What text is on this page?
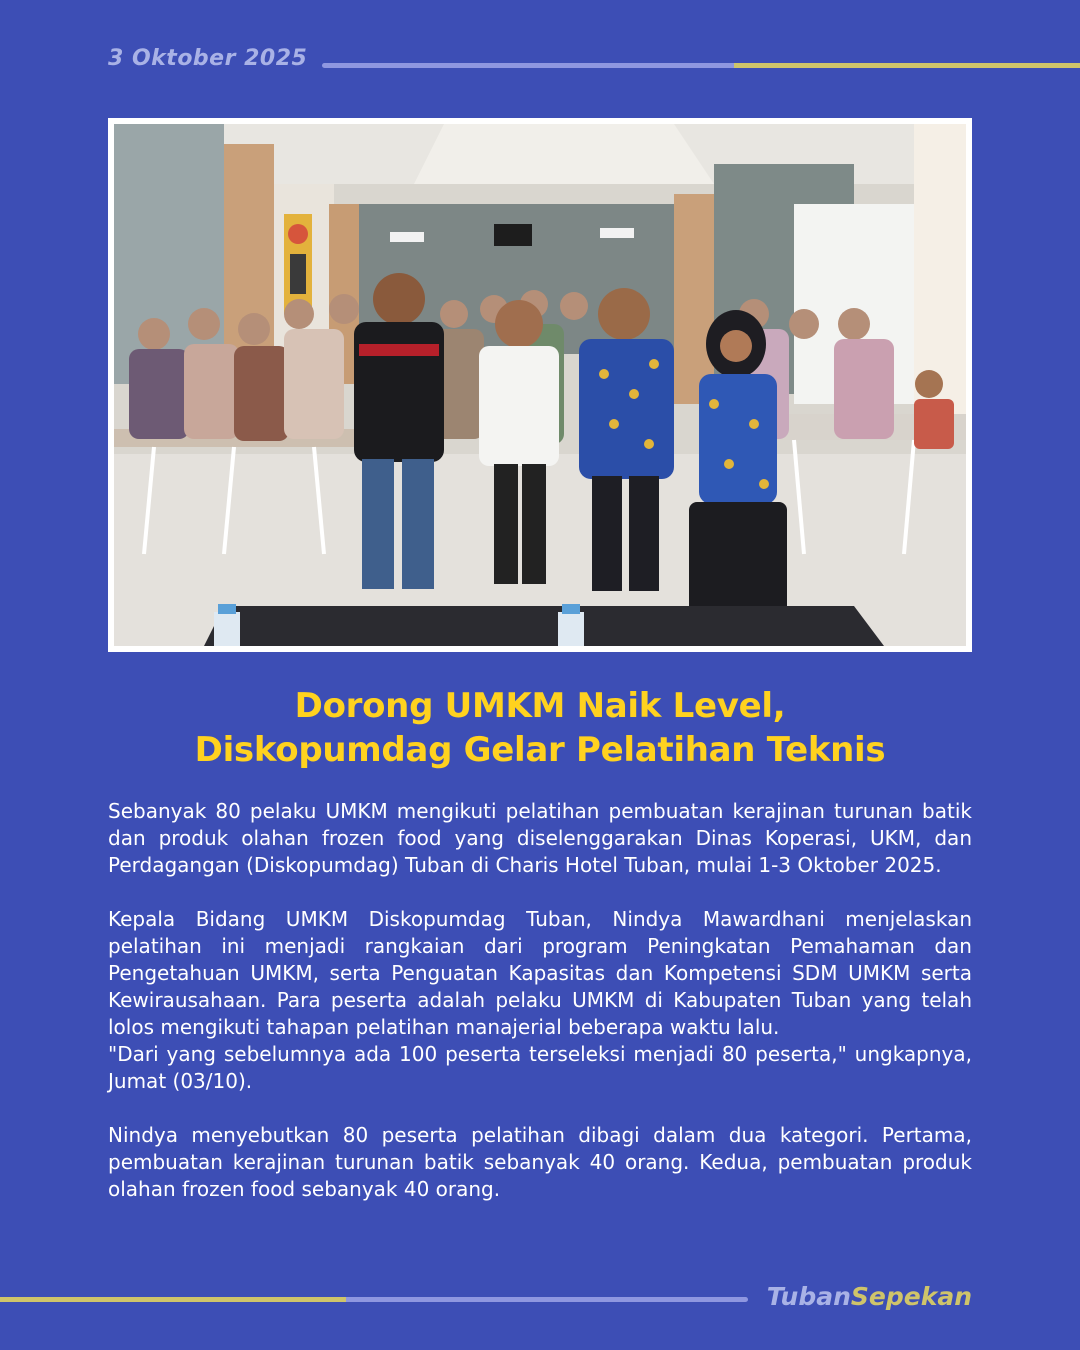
3 Oktober 2025
Dorong UMKM Naik Level,
Diskopumdag Gelar Pelatihan Teknis

Sebanyak 80 pelaku UMKM mengikuti pelatihan pembuatan kerajinan turunan batik dan produk olahan frozen food yang diselenggarakan Dinas Koperasi, UKM, dan Perdagangan (Diskopumdag) Tuban di Charis Hotel Tuban, mulai 1-3 Oktober 2025.

Kepala Bidang UMKM Diskopumdag Tuban, Nindya Mawardhani menjelaskan pelatihan ini menjadi rangkaian dari program Peningkatan Pemahaman dan Pengetahuan UMKM, serta Penguatan Kapasitas dan Kompetensi SDM UMKM serta Kewirausahaan. Para peserta adalah pelaku UMKM di Kabupaten Tuban yang telah lolos mengikuti tahapan pelatihan manajerial beberapa waktu lalu.

"Dari yang sebelumnya ada 100 peserta terseleksi menjadi 80 peserta," ungkapnya, Jumat (03/10).

Nindya menyebutkan 80 peserta pelatihan dibagi dalam dua kategori. Pertama, pembuatan kerajinan turunan batik sebanyak 40 orang. Kedua, pembuatan produk olahan frozen food sebanyak 40 orang.

TubanSepekan
